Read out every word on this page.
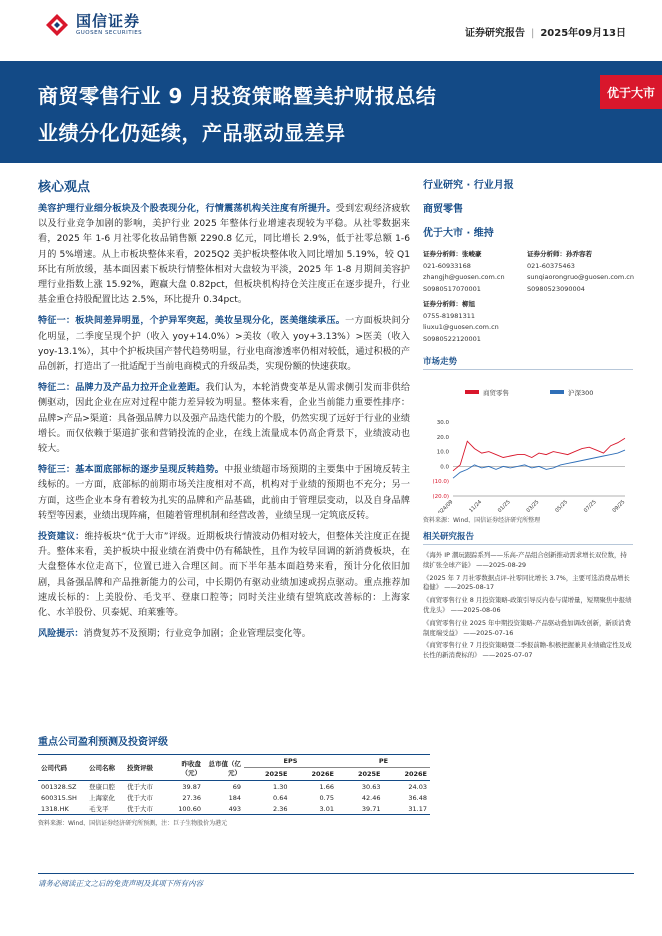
国信证券
GUOSEN SECURITIES	证券研究报告 | 2025年09月13日
商贸零售行业 9 月投资策略暨美护财报总结
业绩分化仍延续，产品驱动显差异
优于大市
核心观点

美容护理行业细分板块及个股表现分化，行情震荡机构关注度有所提升。受到宏观经济疲软以及行业竞争加剧的影响，美护行业 2025 年整体行业增速表现较为平稳。从社零数据来看，2025 年 1-6 月社零化妆品销售额 2290.8 亿元，同比增长 2.9%，低于社零总额 1-6 月的 5%增速。从上市板块整体来看，2025Q2 美护板块整体收入同比增加 5.19%，较 Q1 环比有所放缓，基本面因素下板块行情整体相对大盘较为平淡，2025 年 1-8 月期间美容护理行业指数上涨 15.92%，跑赢大盘 0.82pct，但板块机构持仓关注度正在逐步提升，行业基金重仓持股配置比达 2.5%，环比提升 0.34pct。

特征一：板块间差异明显，个护异军突起，美妆呈现分化，医美继续承压。一方面板块间分化明显，二季度呈现个护（收入 yoy+14.0%）>美妆（收入 yoy+3.13%）>医美（收入 yoy-13.1%），其中个护板块国产替代趋势明显，行业电商渗透率仍相对较低，通过积极的产品创新，打造出了一批适配于当前电商模式的升级品类，实现份额的快速获取。

特征二：品牌力及产品力拉开企业差距。我们认为，本轮消费变革是从需求侧引发而非供给侧驱动，因此企业在应对过程中能力差异较为明显。整体来看，企业当前能力重要性排序：品牌>产品>渠道：具备强品牌力以及强产品迭代能力的个股，仍然实现了远好于行业的业绩增长。而仅依赖于渠道扩张和营销投流的企业，在线上流量成本仍高企背景下，业绩波动也较大。

特征三：基本面底部标的逐步呈现反转趋势。中报业绩超市场预期的主要集中于困境反转主线标的。一方面，底部标的前期市场关注度相对不高，机构对于业绩的预期也不充分；另一方面，这些企业本身有着较为扎实的品牌和产品基础，此前由于管理层变动，以及自身品牌转型等因素，业绩出现阵痛，但随着管理机制和经营改善，业绩呈现一定筑底反转。

投资建议：维持板块“优于大市”评级。近期板块行情波动仍相对较大，但整体关注度正在提升。整体来看，美护板块中报业绩在消费中仍有稀缺性，且作为较早回调的新消费板块，在大盘整体水位走高下，位置已进入合理区间。而下半年基本面趋势来看，预计分化依旧加剧，具备强品牌和产品推新能力的公司，中长期仍有驱动业绩加速或拐点驱动。重点推荐加速成长标的：上美股份、毛戈平、登康口腔等；同时关注业绩有望筑底改善标的：上海家化、水羊股份、贝泰妮、珀莱雅等。

风险提示：消费复苏不及预期；行业竞争加剧；企业管理层变化等。

行业研究 · 行业月报
商贸零售
优于大市 · 维持
证券分析师：张峻豪
021-60933168
zhangjh@guosen.com.cn
S0980517070001
证券分析师：孙乔容若
021-60375463
sunqiaorongruo@guosen.com.cn
S0980523090004
证券分析师：柳旭
0755-81981311
liuxu1@guosen.com.cn
S0980522120001
市场走势
商贸零售	沪深300
30.0
20.0
10.0
0.0
(10.0)
(20.0)
2024/09	11/24	01/25	03/25	05/25	07/25	09/25
资料来源：Wind、国信证券经济研究所整理
相关研究报告
《海外 IP 潮玩跟踪系列——乐高-产品组合创新推动需求增长双位数，持续扩张全球产能》 ——2025-08-29
《2025 年 7 月社零数据点评-社零同比增长 3.7%，主要可选消费品增长稳健》 ——2025-08-17
《商贸零售行业 8 月投资策略-政策引导反内卷与谋增量，短期聚焦中报绩优龙头》 ——2025-08-06
《商贸零售行业 2025 年中期投资策略-产品驱动叠加调改创新，新质消费制度端受益》 ——2025-07-16
《商贸零售行业 7 月投资策略暨二季报前瞻-积极把握兼具业绩确定性及成长性的新消费标的》 ——2025-07-07
重点公司盈利预测及投资评级
公司代码	公司名称	投资评级	昨收盘（元）	总市值（亿元）	EPS		PE	
					2025E	2026E	2025E	2026E
001328.SZ	登康口腔	优于大市	39.87	69	1.30	1.66	30.63	24.03
600315.SH	上海家化	优于大市	27.36	184	0.64	0.75	42.46	36.48
1318.HK	毛戈平	优于大市	100.60	493	2.36	3.01	39.71	31.17
资料来源：Wind、国信证券经济研究所预测，注：巨子生物股价为港元
请务必阅读正文之后的免责声明及其项下所有内容
